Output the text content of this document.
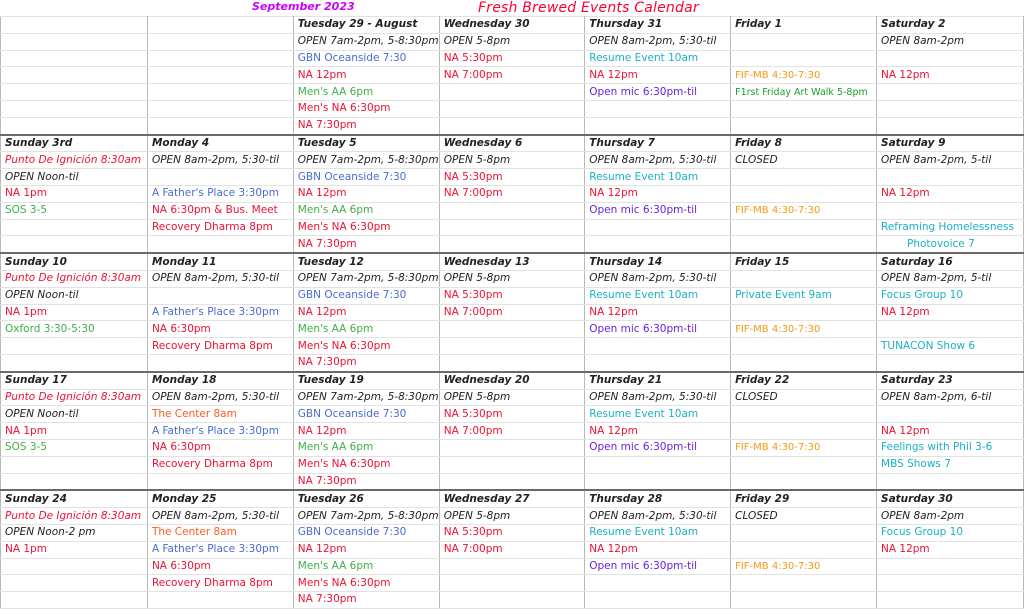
September 2023	Fresh Brewed Events Calendar
		Tuesday 29 - August	Wednesday 30	Thursday 31	Friday 1	Saturday 2
		OPEN 7am-2pm, 5-8:30pm	OPEN 5-8pm	OPEN 8am-2pm, 5:30-til		OPEN 8am-2pm
		GBN Oceanside 7:30	NA 5:30pm	Resume Event 10am		
		NA 12pm	NA 7:00pm	NA 12pm	FIF-MB 4:30-7:30	NA 12pm
		Men's AA 6pm		Open mic 6:30pm-til	F1rst Friday Art Walk 5-8pm	
		Men's NA 6:30pm				
		NA 7:30pm				
Sunday 3rd	Monday 4	Tuesday 5	Wednesday 6	Thursday 7	Friday 8	Saturday 9
Punto De Ignición 8:30am	OPEN 8am-2pm, 5:30-til	OPEN 7am-2pm, 5-8:30pm	OPEN 5-8pm	OPEN 8am-2pm, 5:30-til	CLOSED	OPEN 8am-2pm, 5-til
OPEN Noon-til		GBN Oceanside 7:30	NA 5:30pm	Resume Event 10am		
NA 1pm	A Father's Place 3:30pm	NA 12pm	NA 7:00pm	NA 12pm		NA 12pm
SOS 3-5	NA 6:30pm & Bus. Meet	Men's AA 6pm		Open mic 6:30pm-til	FIF-MB 4:30-7:30	
	Recovery Dharma 8pm	Men's NA 6:30pm				Reframing Homelessness
		NA 7:30pm				Photovoice 7
Sunday 10	Monday 11	Tuesday 12	Wednesday 13	Thursday 14	Friday 15	Saturday 16
Punto De Ignición 8:30am	OPEN 8am-2pm, 5:30-til	OPEN 7am-2pm, 5-8:30pm	OPEN 5-8pm	OPEN 8am-2pm, 5:30-til		OPEN 8am-2pm, 5-til
OPEN Noon-til		GBN Oceanside 7:30	NA 5:30pm	Resume Event 10am	Private Event 9am	Focus Group 10
NA 1pm	A Father's Place 3:30pm	NA 12pm	NA 7:00pm	NA 12pm		NA 12pm
Oxford 3:30-5:30	NA 6:30pm	Men's AA 6pm		Open mic 6:30pm-til	FIF-MB 4:30-7:30	
	Recovery Dharma 8pm	Men's NA 6:30pm				TUNACON Show 6
		NA 7:30pm				
Sunday 17	Monday 18	Tuesday 19	Wednesday 20	Thursday 21	Friday 22	Saturday 23
Punto De Ignición 8:30am	OPEN 8am-2pm, 5:30-til	OPEN 7am-2pm, 5-8:30pm	OPEN 5-8pm	OPEN 8am-2pm, 5:30-til	CLOSED	OPEN 8am-2pm, 6-til
OPEN Noon-til	The Center 8am	GBN Oceanside 7:30	NA 5:30pm	Resume Event 10am		
NA 1pm	A Father's Place 3:30pm	NA 12pm	NA 7:00pm	NA 12pm		NA 12pm
SOS 3-5	NA 6:30pm	Men's AA 6pm		Open mic 6:30pm-til	FIF-MB 4:30-7:30	Feelings with Phil 3-6
	Recovery Dharma 8pm	Men's NA 6:30pm				MBS Shows 7
		NA 7:30pm				
Sunday 24	Monday 25	Tuesday 26	Wednesday 27	Thursday 28	Friday 29	Saturday 30
Punto De Ignición 8:30am	OPEN 8am-2pm, 5:30-til	OPEN 7am-2pm, 5-8:30pm	OPEN 5-8pm	OPEN 8am-2pm, 5:30-til	CLOSED	OPEN 8am-2pm
OPEN Noon-2 pm	The Center 8am	GBN Oceanside 7:30	NA 5:30pm	Resume Event 10am		Focus Group 10
NA 1pm	A Father's Place 3:30pm	NA 12pm	NA 7:00pm	NA 12pm		NA 12pm
	NA 6:30pm	Men's AA 6pm		Open mic 6:30pm-til	FIF-MB 4:30-7:30	
	Recovery Dharma 8pm	Men's NA 6:30pm				
		NA 7:30pm				
